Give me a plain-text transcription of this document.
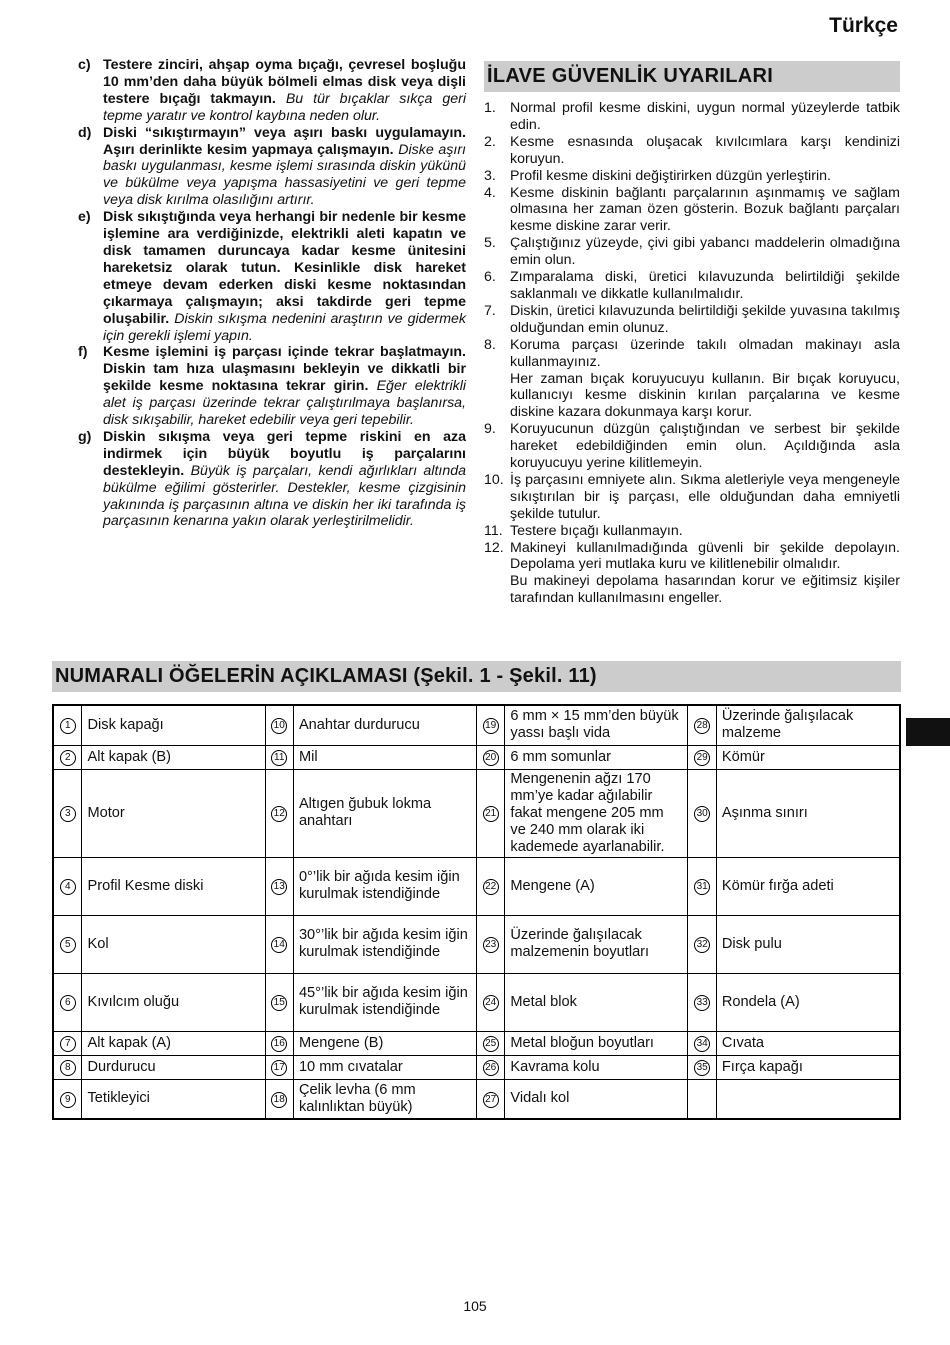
Türkçe
c) Testere zinciri, ahşap oyma bıçağı, çevresel boşluğu 10 mm’den daha büyük bölmeli elmas disk veya dişli testere bıçağı takmayın. Bu tür bıçaklar sıkça geri tepme yaratır ve kontrol kaybına neden olur.
d) Diski “sıkıştırmayın” veya aşırı baskı uygulamayın. Aşırı derinlikte kesim yapmaya çalışmayın. Diske aşırı baskı uygulanması, kesme işlemi sırasında diskin yükünü ve bükülme veya yapışma hassasiyetini ve geri tepme veya disk kırılma olasılığını artırır.
e) Disk sıkıştığında veya herhangi bir nedenle bir kesme işlemine ara verdiğinizde, elektrikli aleti kapatın ve disk tamamen duruncaya kadar kesme ünitesini hareketsiz olarak tutun. Kesinlikle disk hareket etmeye devam ederken diski kesme noktasından çıkarmaya çalışmayın; aksi takdirde geri tepme oluşabilir. Diskin sıkışma nedenini araştırın ve gidermek için gerekli işlemi yapın.
f)	Kesme işlemini iş parçası içinde tekrar başlatmayın. Diskin tam hıza ulaşmasını bekleyin ve dikkatli bir şekilde kesme noktasına tekrar girin. Eğer elektrikli alet iş parçası üzerinde tekrar çalıştırılmaya başlanırsa, disk sıkışabilir, hareket edebilir veya geri tepebilir.
g) Diskin sıkışma veya geri tepme riskini en aza indirmek için büyük boyutlu iş parçalarını destekleyin. Büyük iş parçaları, kendi ağırlıkları altında bükülme eğilimi gösterirler. Destekler, kesme çizgisinin yakınında iş parçasının altına ve diskin her iki tarafında iş parçasının kenarına yakın olarak yerleştirilmelidir.
İLAVE GÜVENLİK UYARILARI
1. Normal profil kesme diskini, uygun normal yüzeylerde tatbik edin.
2. Kesme esnasında oluşacak kıvılcımlara karşı kendinizi koruyun.
3. Profil kesme diskini değiştirirken düzgün yerleştirin.
4. Kesme diskinin bağlantı parçalarının aşınmamış ve sağlam olmasına her zaman özen gösterin. Bozuk bağlantı parçaları kesme diskine zarar verir.
5. Çalıştığınız yüzeyde, çivi gibi yabancı maddelerin olmadığına emin olun.
6. Zımparalama diski, üretici kılavuzunda belirtildiği şekilde saklanmalı ve dikkatle kullanılmalıdır.
7. Diskin, üretici kılavuzunda belirtildiği şekilde yuvasına takılmış olduğundan emin olunuz.
8. Koruma parçası üzerinde takılı olmadan makinayı asla kullanmayınız.
Her zaman bıçak koruyucuyu kullanın. Bir bıçak koruyucu, kullanıcıyı kesme diskinin kırılan parçalarına ve kesme diskine kazara dokunmaya karşı korur.
9. Koruyucunun düzgün çalıştığından ve serbest bir şekilde hareket edebildiğinden emin olun. Açıldığında asla koruyucuyu yerine kilitlemeyin.
10. İş parçasını emniyete alın. Sıkma aletleriyle veya mengeneyle sıkıştırılan bir iş parçası, elle olduğundan daha emniyetli şekilde tutulur.
11. Testere bıçağı kullanmayın.
12. Makineyi kullanılmadığında güvenli bir şekilde depolayın. Depolama yeri mutlaka kuru ve kilitlenebilir olmalıdır.
Bu makineyi depolama hasarından korur ve eğitimsiz kişiler tarafından kullanılmasını engeller.
NUMARALI ÖĞELERİN AÇIKLAMASI (Şekil. 1 - Şekil. 11)
1	Disk kapağı	10	Anahtar durdurucu	19	6 mm × 15 mm’den büyük yassı başlı vida	28	Üzerinde ğalışılacak malzeme
2	Alt kapak (B)	11	Mil	20	6 mm somunlar	29	Kömür
3	Motor	12	Altıgen ğubuk lokma anahtarı	21	Mengenenin ağzı 170 mm’ye kadar ağılabilir fakat mengene 205 mm ve 240 mm olarak iki kademede ayarlanabilir.	30	Aşınma sınırı
4	Profil Kesme diski	13	0°’lik bir ağıda kesim iğin kurulmak istendiğinde	22	Mengene (A)	31	Kömür fırğa adeti
5	Kol	14	30°’lik bir ağıda kesim iğin kurulmak istendiğinde	23	Üzerinde ğalışılacak malzemenin boyutları	32	Disk pulu
6	Kıvılcım oluğu	15	45°’lik bir ağıda kesim iğin kurulmak istendiğinde	24	Metal blok	33	Rondela (A)
7	Alt kapak (A)	16	Mengene (B)	25	Metal bloğun boyutları	34	Cıvata
8	Durdurucu	17	10 mm cıvatalar	26	Kavrama kolu	35	Fırça kapağı
9	Tetikleyici	18	Çelik levha (6 mm kalınlıktan büyük)	27	Vidalı kol		
105
